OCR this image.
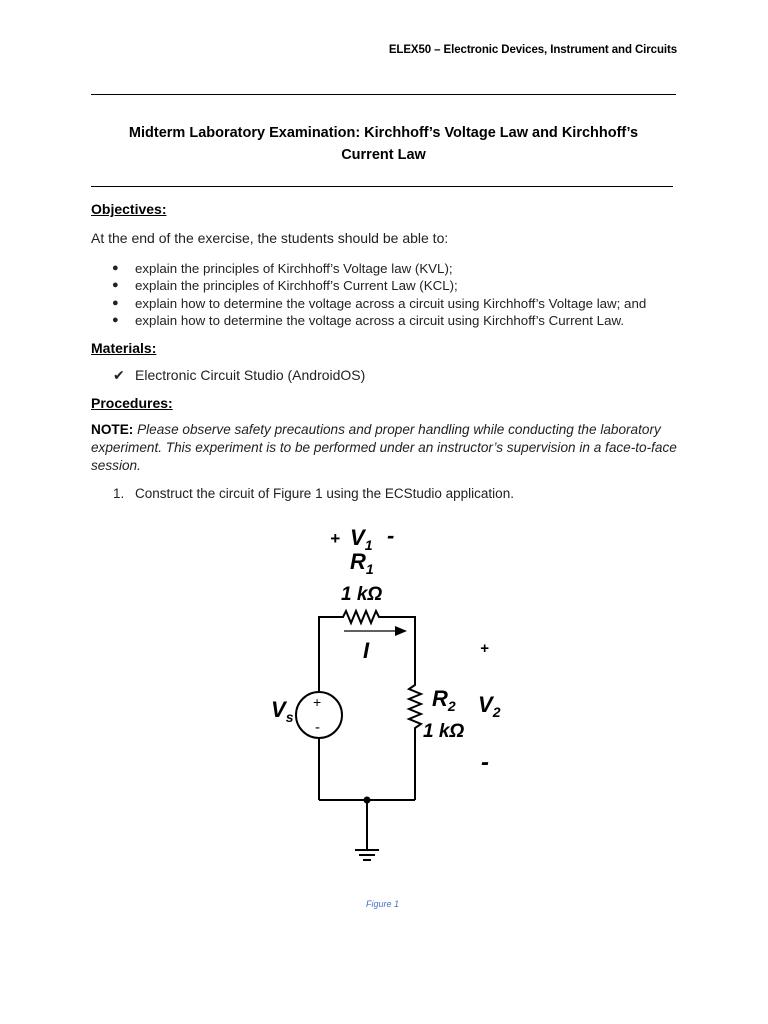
ELEX50 – Electronic Devices, Instrument and Circuits
Midterm Laboratory Examination: Kirchhoff’s Voltage Law and Kirchhoff’s
Current Law
Objectives:
At the end of the exercise, the students should be able to:
● explain the principles of Kirchhoff’s Voltage law (KVL);
● explain the principles of Kirchhoff’s Current Law (KCL);
● explain how to determine the voltage across a circuit using Kirchhoff’s Voltage law; and
● explain how to determine the voltage across a circuit using Kirchhoff’s Current Law.
Materials:
✔ Electronic Circuit Studio (AndroidOS)
Procedures:
NOTE: Please observe safety precautions and proper handling while conducting the laboratory experiment. This experiment is to be performed under an instructor’s supervision in a face-to-face session.
1. Construct the circuit of Figure 1 using the ECStudio application.
+ $V_1$ -
$R_1$
1 kΩ
I	+
$V_2$
-
$R_2$
1 kΩ
$V_s$
+
-
Figure 1
